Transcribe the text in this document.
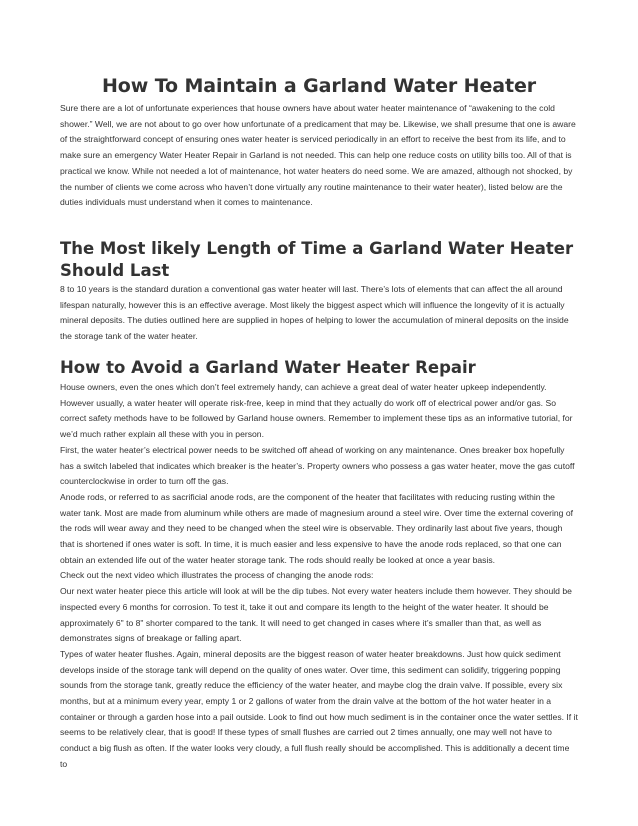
How To Maintain a Garland Water Heater

Sure there are a lot of unfortunate experiences that house owners have about water heater maintenance of “awakening to the cold shower.” Well, we are not about to go over how unfortunate of a predicament that may be. Likewise, we shall presume that one is aware of the straightforward concept of ensuring ones water heater is serviced periodically in an effort to receive the best from its life, and to make sure an emergency Water Heater Repair in Garland is not needed. This can help one reduce costs on utility bills too. All of that is practical we know. While not needed a lot of maintenance, hot water heaters do need some. We are amazed, although not shocked, by the number of clients we come across who haven’t done virtually any routine maintenance to their water heater), listed below are the duties individuals must understand when it comes to maintenance.

The Most likely Length of Time a Garland Water Heater Should Last

8 to 10 years is the standard duration a conventional gas water heater will last. There’s lots of elements that can affect the all around lifespan naturally, however this is an effective average. Most likely the biggest aspect which will influence the longevity of it is actually mineral deposits. The duties outlined here are supplied in hopes of helping to lower the accumulation of mineral deposits on the inside the storage tank of the water heater.

How to Avoid a Garland Water Heater Repair

House owners, even the ones which don’t feel extremely handy, can achieve a great deal of water heater upkeep independently. However usually, a water heater will operate risk-free, keep in mind that they actually do work off of electrical power and/or gas. So correct safety methods have to be followed by Garland house owners. Remember to implement these tips as an informative tutorial, for we’d much rather explain all these with you in person.

First, the water heater’s electrical power needs to be switched off ahead of working on any maintenance. Ones breaker box hopefully has a switch labeled that indicates which breaker is the heater’s. Property owners who possess a gas water heater, move the gas cutoff counterclockwise in order to turn off the gas.

Anode rods, or referred to as sacrificial anode rods, are the component of the heater that facilitates with reducing rusting within the water tank. Most are made from aluminum while others are made of magnesium around a steel wire. Over time the external covering of the rods will wear away and they need to be changed when the steel wire is observable. They ordinarily last about five years, though that is shortened if ones water is soft. In time, it is much easier and less expensive to have the anode rods replaced, so that one can obtain an extended life out of the water heater storage tank. The rods should really be looked at once a year basis.

Check out the next video which illustrates the process of changing the anode rods:

Our next water heater piece this article will look at will be the dip tubes. Not every water heaters include them however. They should be inspected every 6 months for corrosion. To test it, take it out and compare its length to the height of the water heater. It should be approximately 6" to 8" shorter compared to the tank. It will need to get changed in cases where it’s smaller than that, as well as demonstrates signs of breakage or falling apart.

Types of water heater flushes. Again, mineral deposits are the biggest reason of water heater breakdowns. Just how quick sediment develops inside of the storage tank will depend on the quality of ones water. Over time, this sediment can solidify, triggering popping sounds from the storage tank, greatly reduce the efficiency of the water heater, and maybe clog the drain valve. If possible, every six months, but at a minimum every year, empty 1 or 2 gallons of water from the drain valve at the bottom of the hot water heater in a container or through a garden hose into a pail outside. Look to find out how much sediment is in the container once the water settles. If it seems to be relatively clear, that is good! If these types of small flushes are carried out 2 times annually, one may well not have to conduct a big flush as often. If the water looks very cloudy, a full flush really should be accomplished. This is additionally a decent time to
